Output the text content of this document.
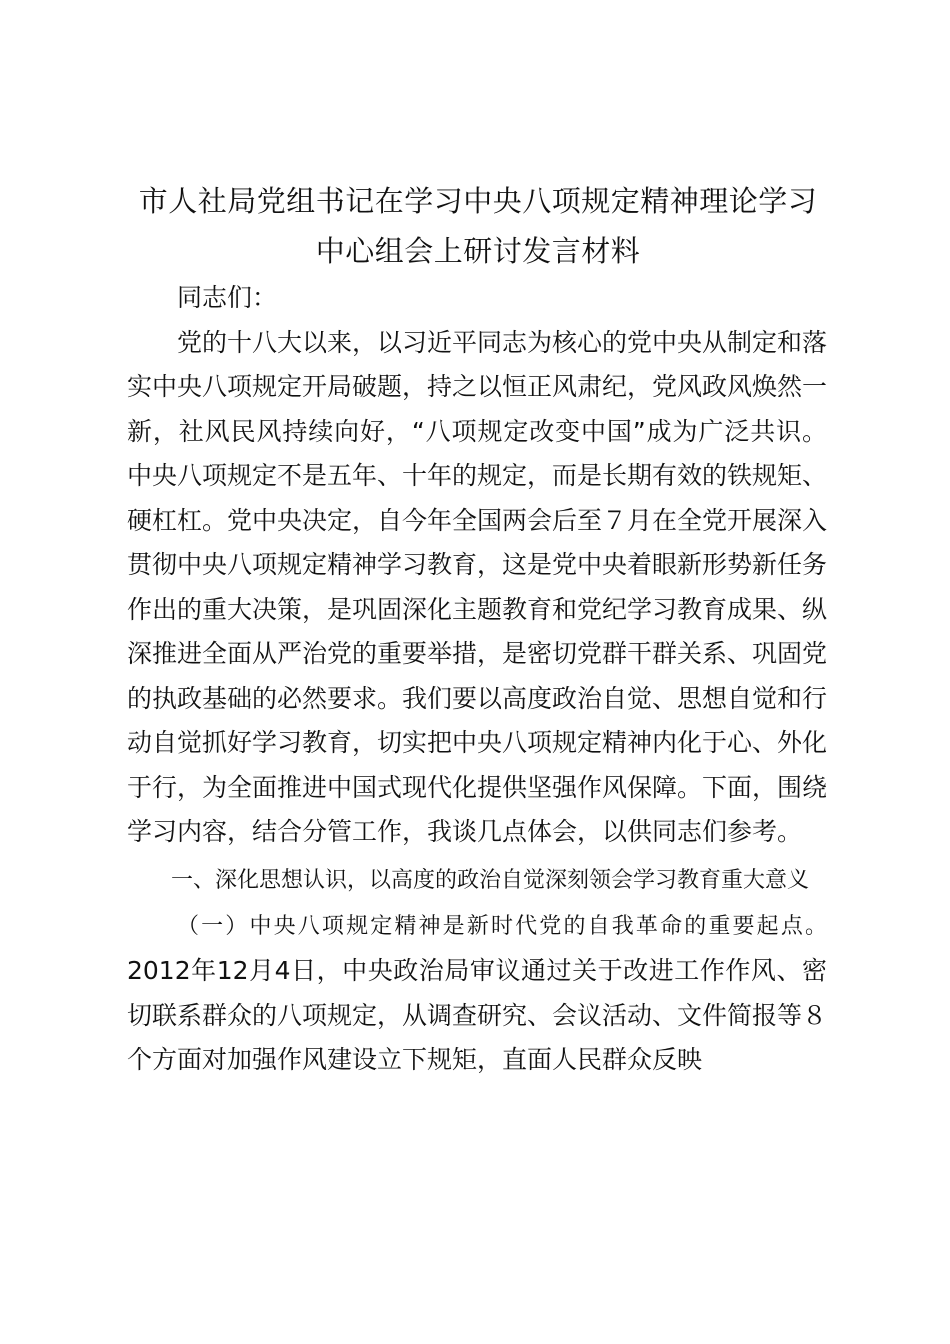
市人社局党组书记在学习中央八项规定精神理论学习中心组会上研讨发言材料

同志们：

党的十八大以来，以习近平同志为核心的党中央从制定和落实中央八项规定开局破题，持之以恒正风肃纪，党风政风焕然一新，社风民风持续向好，“八项规定改变中国”成为广泛共识。中央八项规定不是五年、十年的规定，而是长期有效的铁规矩、硬杠杠。党中央决定，自今年全国两会后至７月在全党开展深入贯彻中央八项规定精神学习教育，这是党中央着眼新形势新任务作出的重大决策，是巩固深化主题教育和党纪学习教育成果、纵深推进全面从严治党的重要举措，是密切党群干群关系、巩固党的执政基础的必然要求。我们要以高度政治自觉、思想自觉和行动自觉抓好学习教育，切实把中央八项规定精神内化于心、外化于行，为全面推进中国式现代化提供坚强作风保障。下面，围绕学习内容，结合分管工作，我谈几点体会，以供同志们参考。

一、深化思想认识，以高度的政治自觉深刻领会学习教育重大意义

（一）中央八项规定精神是新时代党的自我革命的重要起点。2012年12月4日，中央政治局审议通过关于改进工作作风、密切联系群众的八项规定，从调查研究、会议活动、文件简报等８个方面对加强作风建设立下规矩，直面人民群众反映
